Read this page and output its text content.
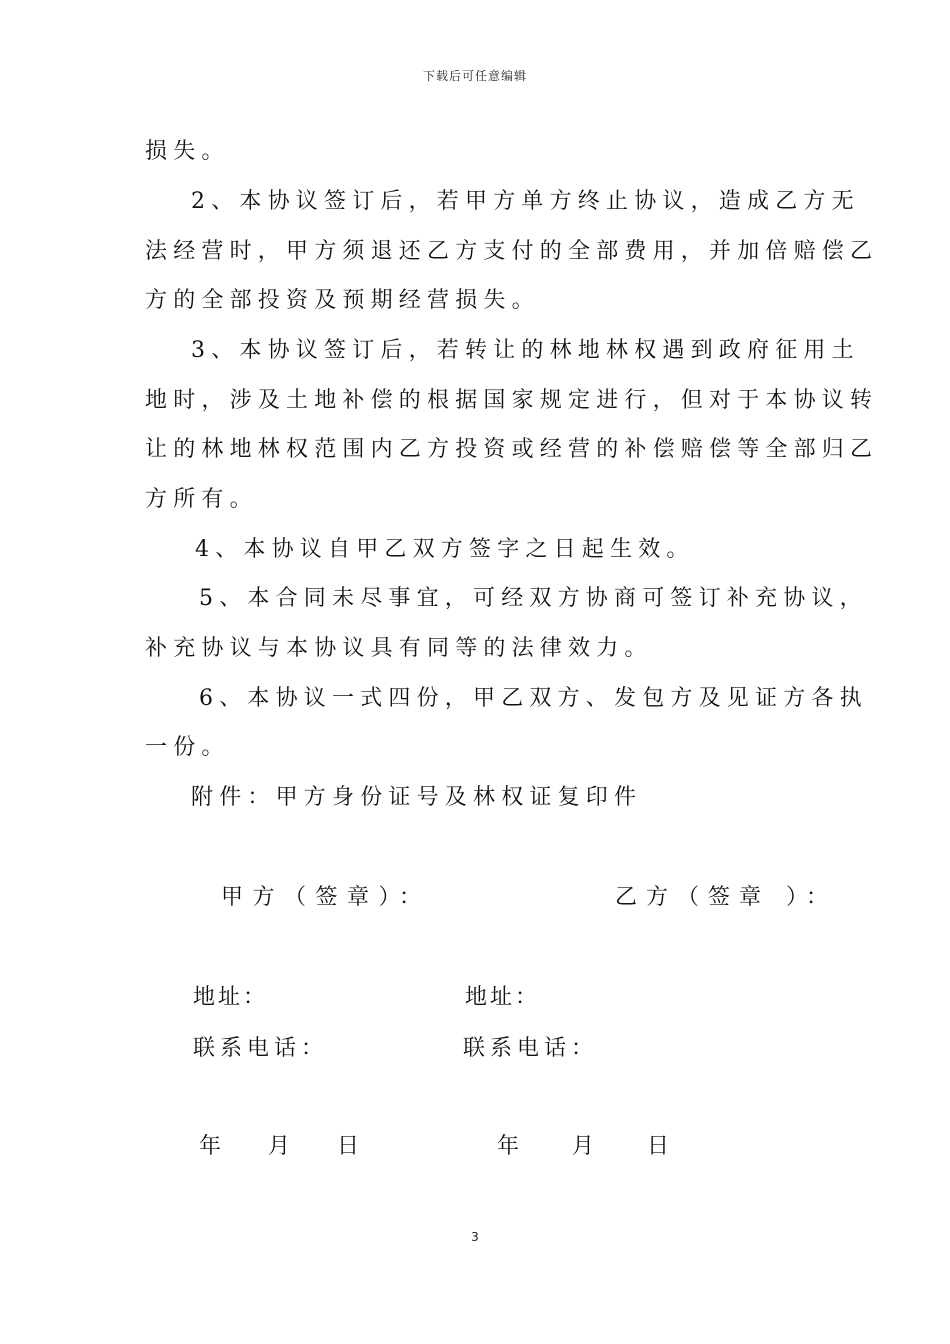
下载后可任意编辑
损失。
2、本协议签订后，若甲方单方终止协议，造成乙方无
法经营时，甲方须退还乙方支付的全部费用，并加倍赔偿乙
方的全部投资及预期经营损失。
3、本协议签订后，若转让的林地林权遇到政府征用土
地时，涉及土地补偿的根据国家规定进行，但对于本协议转
让的林地林权范围内乙方投资或经营的补偿赔偿等全部归乙
方所有。
4、本协议自甲乙双方签字之日起生效。
5、本合同未尽事宜，可经双方协商可签订补充协议，
补充协议与本协议具有同等的法律效力。
6、本协议一式四份，甲乙双方、发包方及见证方各执
一份。
附件：甲方身份证号及林权证复印件
甲方（签章）：	乙方（签章 ）：
地址：	地址：
联系电话：	联系电话：
年　 月　 日	年　 月　 日
3
